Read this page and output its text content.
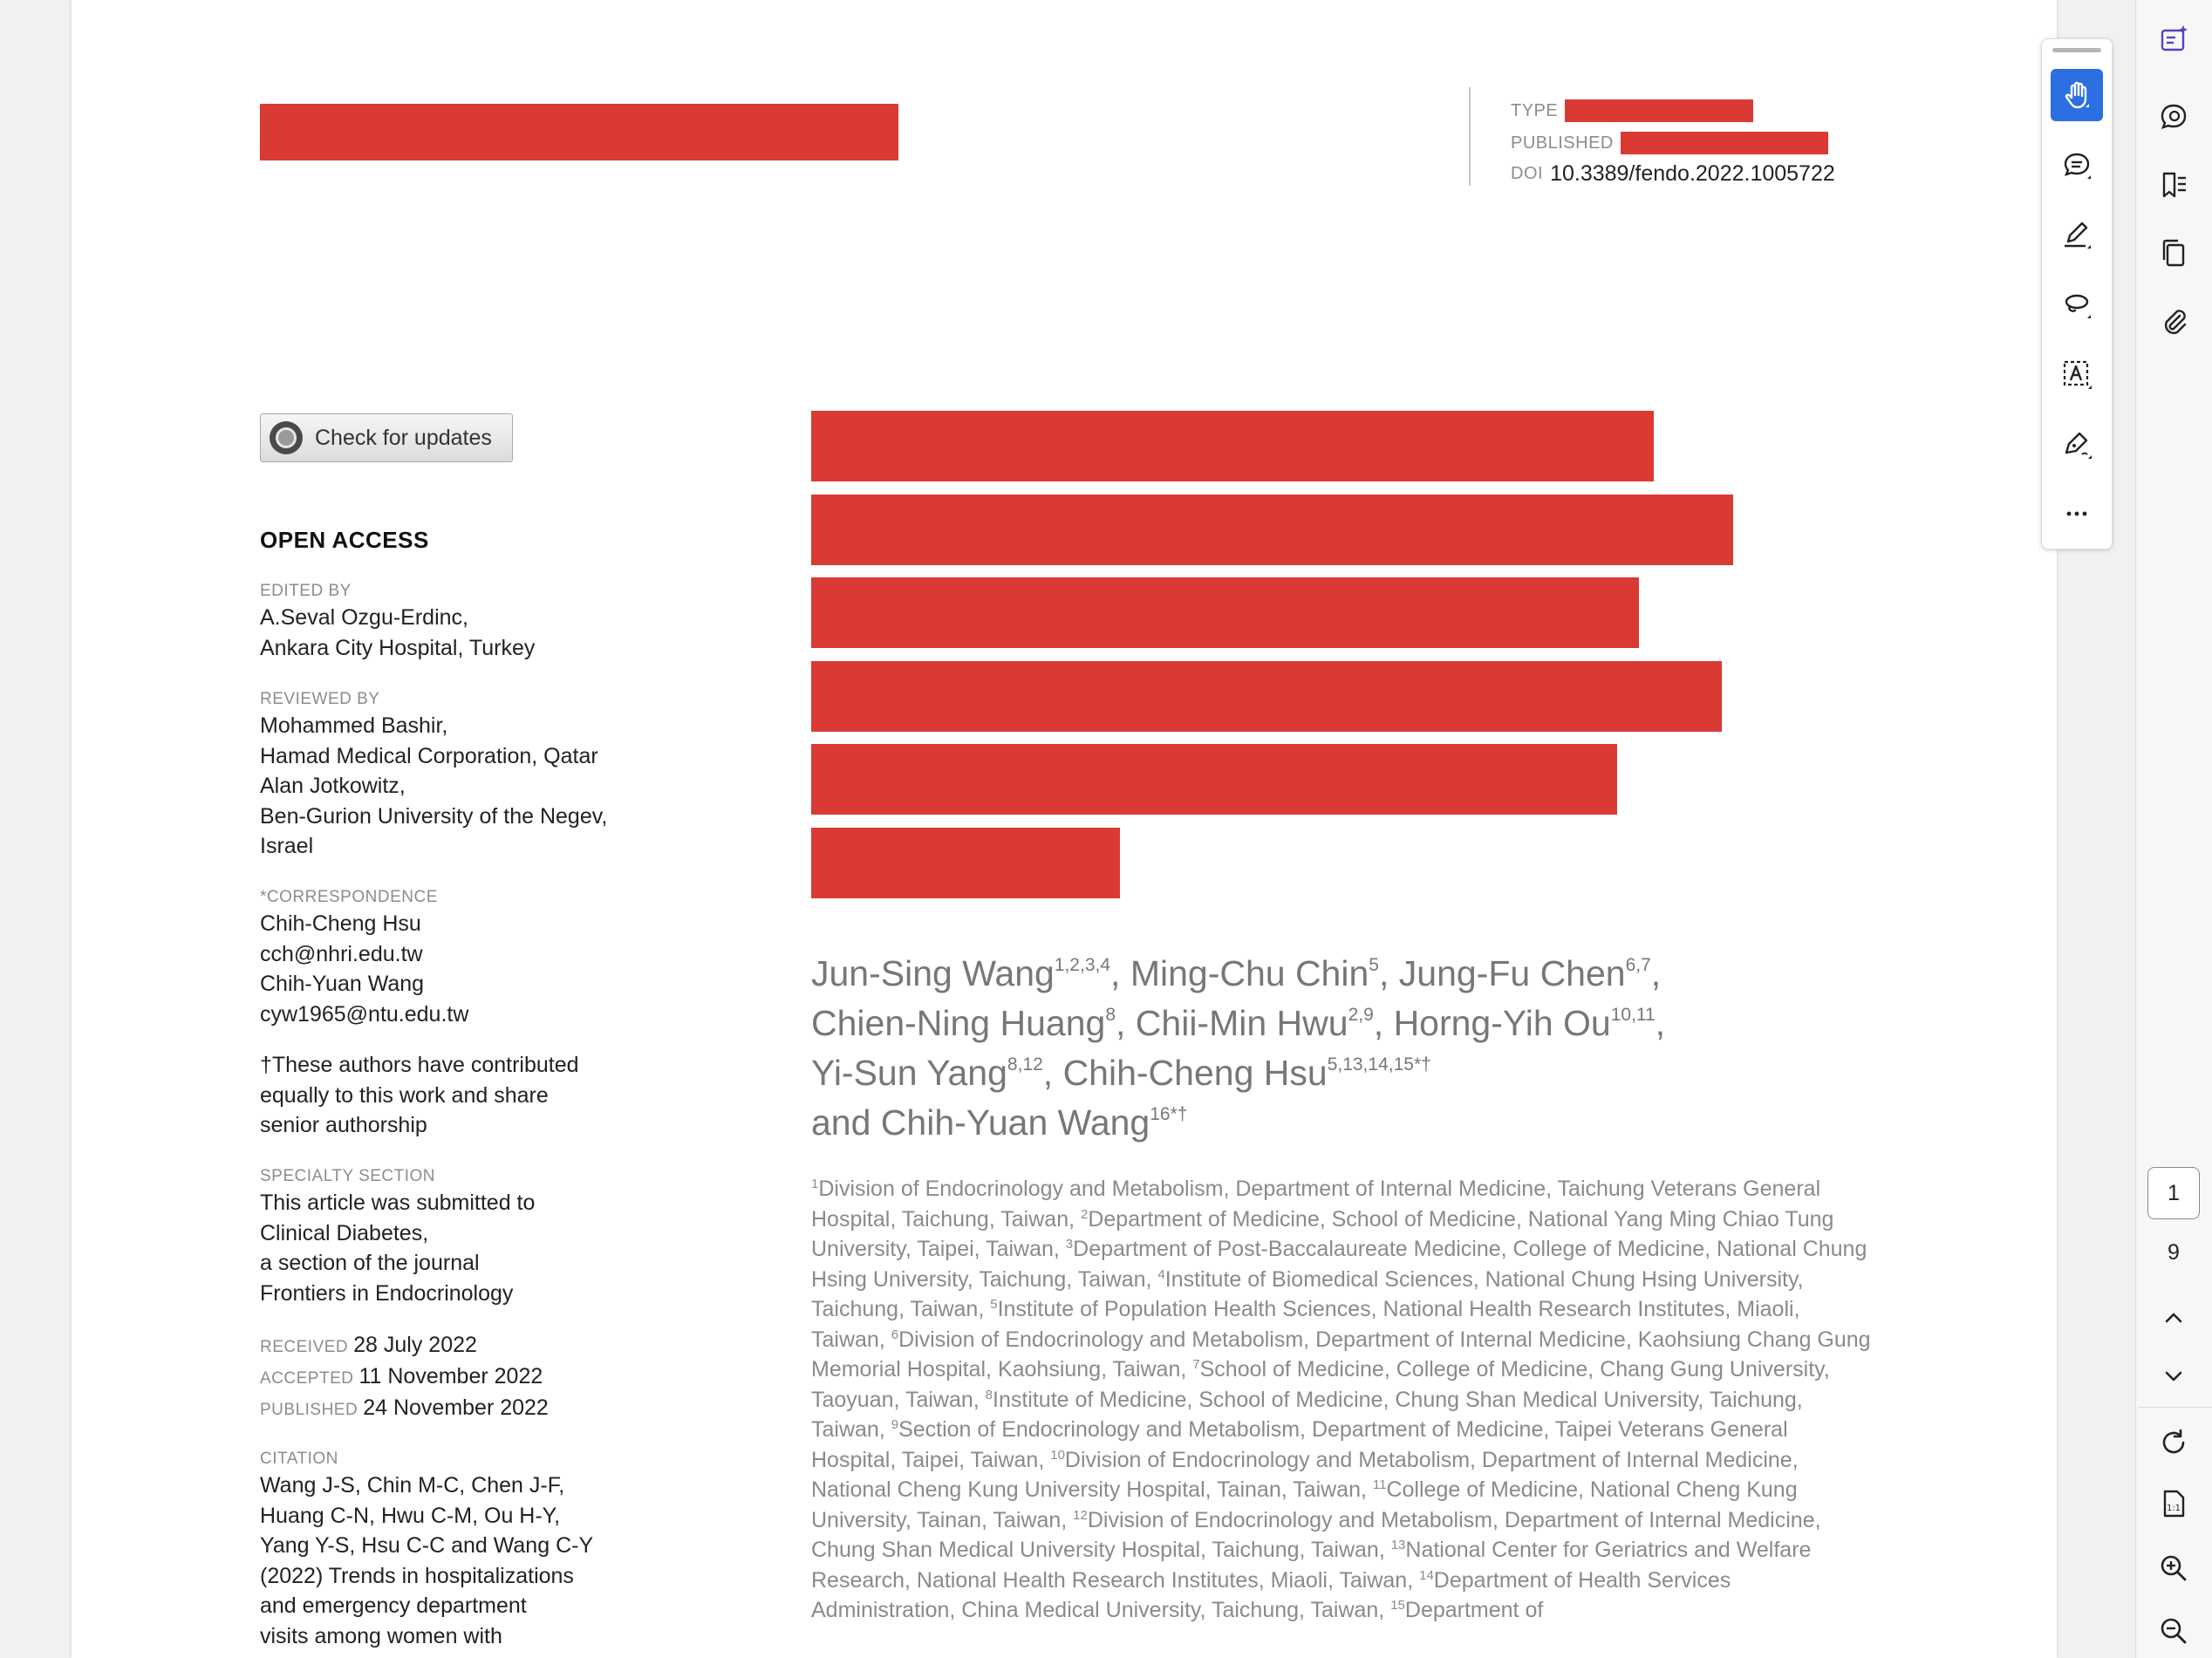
TYPE
PUBLISHED
DOI 10.3389/fendo.2022.1005722
Check for updates
OPEN ACCESS
EDITED BY
A.Seval Ozgu-Erdinc,
Ankara City Hospital, Turkey
REVIEWED BY
Mohammed Bashir,
Hamad Medical Corporation, Qatar
Alan Jotkowitz,
Ben-Gurion University of the Negev,
Israel
*CORRESPONDENCE
Chih-Cheng Hsu
cch@nhri.edu.tw
Chih-Yuan Wang
cyw1965@ntu.edu.tw
†These authors have contributed
equally to this work and share
senior authorship
SPECIALTY SECTION
This article was submitted to
Clinical Diabetes,
a section of the journal
Frontiers in Endocrinology
RECEIVED 28 July 2022
ACCEPTED 11 November 2022
PUBLISHED 24 November 2022
CITATION
Wang J-S, Chin M-C, Chen J-F,
Huang C-N, Hwu C-M, Ou H-Y,
Yang Y-S, Hsu C-C and Wang C-Y
(2022) Trends in hospitalizations
and emergency department
visits among women with
Jun-Sing Wang$^{1,2,3,4}$, Ming-Chu Chin$^5$, Jung-Fu Chen$^{6,7}$,
Chien-Ning Huang$^8$, Chii-Min Hwu$^{2,9}$, Horng-Yih Ou$^{10,11}$,
Yi-Sun Yang$^{8,12}$, Chih-Cheng Hsu$^{5,13,14,15*\dagger}$
and Chih-Yuan Wang$^{16*\dagger}$
$^1$Division of Endocrinology and Metabolism, Department of Internal Medicine, Taichung Veterans General Hospital, Taichung, Taiwan, $^2$Department of Medicine, School of Medicine, National Yang Ming Chiao Tung University, Taipei, Taiwan, $^3$Department of Post-Baccalaureate Medicine, College of Medicine, National Chung Hsing University, Taichung, Taiwan, $^4$Institute of Biomedical Sciences, National Chung Hsing University, Taichung, Taiwan, $^5$Institute of Population Health Sciences, National Health Research Institutes, Miaoli, Taiwan, $^6$Division of Endocrinology and Metabolism, Department of Internal Medicine, Kaohsiung Chang Gung Memorial Hospital, Kaohsiung, Taiwan, $^7$School of Medicine, College of Medicine, Chang Gung University, Taoyuan, Taiwan, $^8$Institute of Medicine, School of Medicine, Chung Shan Medical University, Taichung, Taiwan, $^9$Section of Endocrinology and Metabolism, Department of Medicine, Taipei Veterans General Hospital, Taipei, Taiwan, $^{10}$Division of Endocrinology and Metabolism, Department of Internal Medicine, National Cheng Kung University Hospital, Tainan, Taiwan, $^{11}$College of Medicine, National Cheng Kung University, Tainan, Taiwan, $^{12}$Division of Endocrinology and Metabolism, Department of Internal Medicine, Chung Shan Medical University Hospital, Taichung, Taiwan, $^{13}$National Center for Geriatrics and Welfare Research, National Health Research Institutes, Miaoli, Taiwan, $^{14}$Department of Health Services Administration, China Medical University, Taichung, Taiwan, $^{15}$Department of
1
9
1:1
